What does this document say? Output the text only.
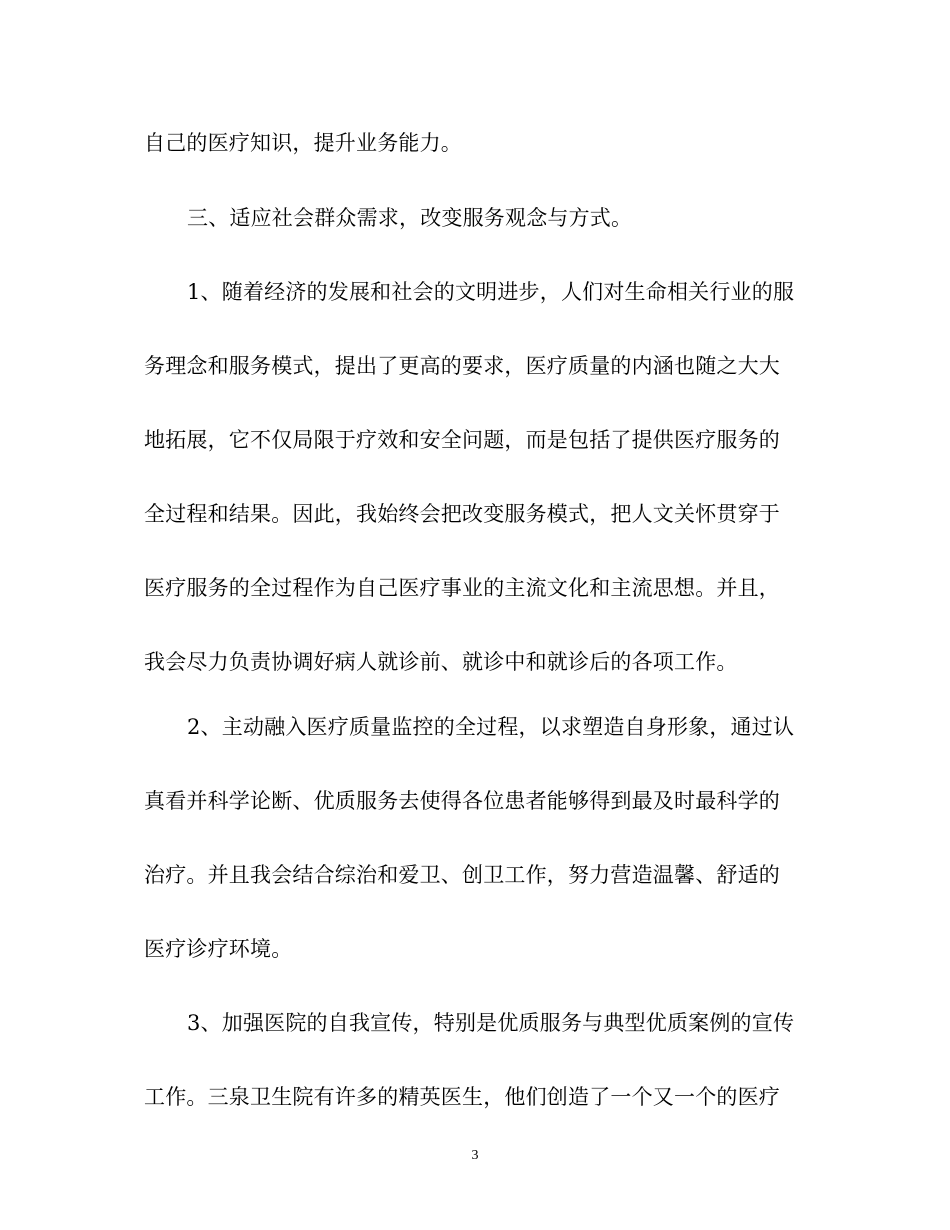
自己的医疗知识，提升业务能力。
三、适应社会群众需求，改变服务观念与方式。
1、随着经济的发展和社会的文明进步，人们对生命相关行业的服
务理念和服务模式，提出了更高的要求，医疗质量的内涵也随之大大
地拓展，它不仅局限于疗效和安全问题，而是包括了提供医疗服务的
全过程和结果。因此，我始终会把改变服务模式，把人文关怀贯穿于
医疗服务的全过程作为自己医疗事业的主流文化和主流思想。并且，
我会尽力负责协调好病人就诊前、就诊中和就诊后的各项工作。
2、主动融入医疗质量监控的全过程，以求塑造自身形象，通过认
真看并科学论断、优质服务去使得各位患者能够得到最及时最科学的
治疗。并且我会结合综治和爱卫、创卫工作，努力营造温馨、舒适的
医疗诊疗环境。
3、加强医院的自我宣传，特别是优质服务与典型优质案例的宣传
工作。三泉卫生院有许多的精英医生，他们创造了一个又一个的医疗
3
